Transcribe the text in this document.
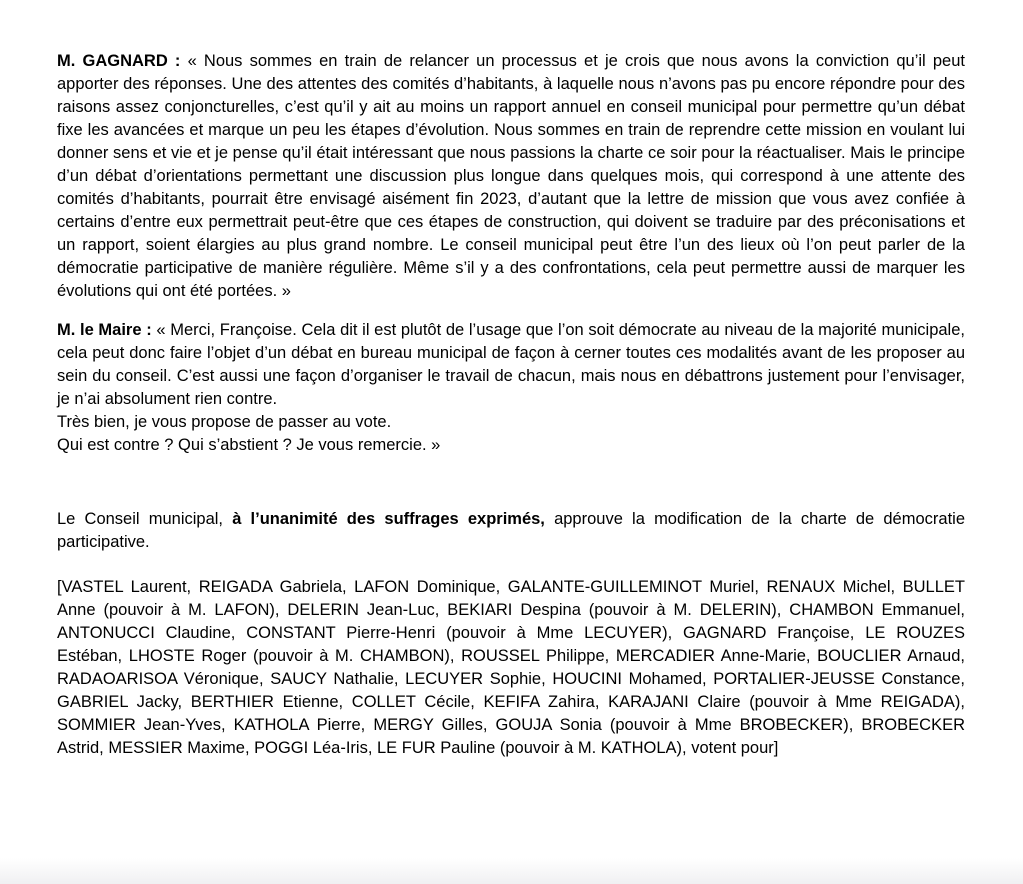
M. GAGNARD : « Nous sommes en train de relancer un processus et je crois que nous avons la conviction qu’il peut apporter des réponses. Une des attentes des comités d’habitants, à laquelle nous n’avons pas pu encore répondre pour des raisons assez conjoncturelles, c’est qu’il y ait au moins un rapport annuel en conseil municipal pour permettre qu’un débat fixe les avancées et marque un peu les étapes d’évolution. Nous sommes en train de reprendre cette mission en voulant lui donner sens et vie et je pense qu’il était intéressant que nous passions la charte ce soir pour la réactualiser. Mais le principe d’un débat d’orientations permettant une discussion plus longue dans quelques mois, qui correspond à une attente des comités d’habitants, pourrait être envisagé aisément fin 2023, d’autant que la lettre de mission que vous avez confiée à certains d’entre eux permettrait peut-être que ces étapes de construction, qui doivent se traduire par des préconisations et un rapport, soient élargies au plus grand nombre. Le conseil municipal peut être l’un des lieux où l’on peut parler de la démocratie participative de manière régulière. Même s’il y a des confrontations, cela peut permettre aussi de marquer les évolutions qui ont été portées. »

M. le Maire : « Merci, Françoise. Cela dit il est plutôt de l’usage que l’on soit démocrate au niveau de la majorité municipale, cela peut donc faire l’objet d’un débat en bureau municipal de façon à cerner toutes ces modalités avant de les proposer au sein du conseil. C’est aussi une façon d’organiser le travail de chacun, mais nous en débattrons justement pour l’envisager, je n’ai absolument rien contre.
Très bien, je vous propose de passer au vote.
Qui est contre ? Qui s’abstient ? Je vous remercie. »

Le Conseil municipal, à l’unanimité des suffrages exprimés, approuve la modification de la charte de démocratie participative.

[VASTEL Laurent, REIGADA Gabriela, LAFON Dominique, GALANTE-GUILLEMINOT Muriel, RENAUX Michel, BULLET Anne (pouvoir à M. LAFON), DELERIN Jean-Luc, BEKIARI Despina (pouvoir à M. DELERIN), CHAMBON Emmanuel, ANTONUCCI Claudine, CONSTANT Pierre-Henri (pouvoir à Mme LECUYER), GAGNARD Françoise, LE ROUZES Estéban, LHOSTE Roger (pouvoir à M. CHAMBON), ROUSSEL Philippe, MERCADIER Anne-Marie, BOUCLIER Arnaud, RADAOARISOA Véronique, SAUCY Nathalie, LECUYER Sophie, HOUCINI Mohamed, PORTALIER-JEUSSE Constance, GABRIEL Jacky, BERTHIER Etienne, COLLET Cécile, KEFIFA Zahira, KARAJANI Claire (pouvoir à Mme REIGADA), SOMMIER Jean-Yves, KATHOLA Pierre, MERGY Gilles, GOUJA Sonia (pouvoir à Mme BROBECKER), BROBECKER Astrid, MESSIER Maxime, POGGI Léa-Iris, LE FUR Pauline (pouvoir à M. KATHOLA), votent pour]
